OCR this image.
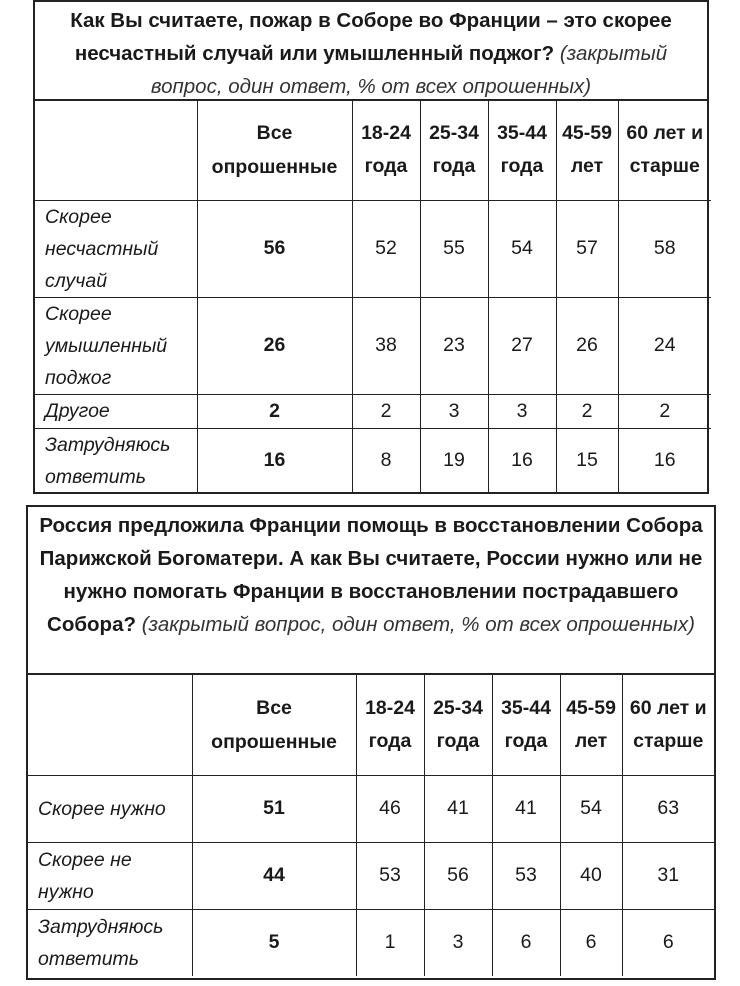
Как Вы считаете, пожар в Соборе во Франции – это скорее несчастный случай или умышленный поджог? (закрытый вопрос, один ответ, % от всех опрошенных)
	Все опрошенные	18-24 года	25-34 года	35-44 года	45-59 лет	60 лет и старше
Скорее несчастный случай	56	52	55	54	57	58
Скорее умышленный поджог	26	38	23	27	26	24
Другое	2	2	3	3	2	2
Затрудняюсь ответить	16	8	19	16	15	16
Россия предложила Франции помощь в восстановлении Собора Парижской Богоматери. А как Вы считаете, России нужно или не нужно помогать Франции в восстановлении пострадавшего Собора? (закрытый вопрос, один ответ, % от всех опрошенных)
	Все опрошенные	18-24 года	25-34 года	35-44 года	45-59 лет	60 лет и старше
Скорее нужно	51	46	41	41	54	63
Скорее не нужно	44	53	56	53	40	31
Затрудняюсь ответить	5	1	3	6	6	6
